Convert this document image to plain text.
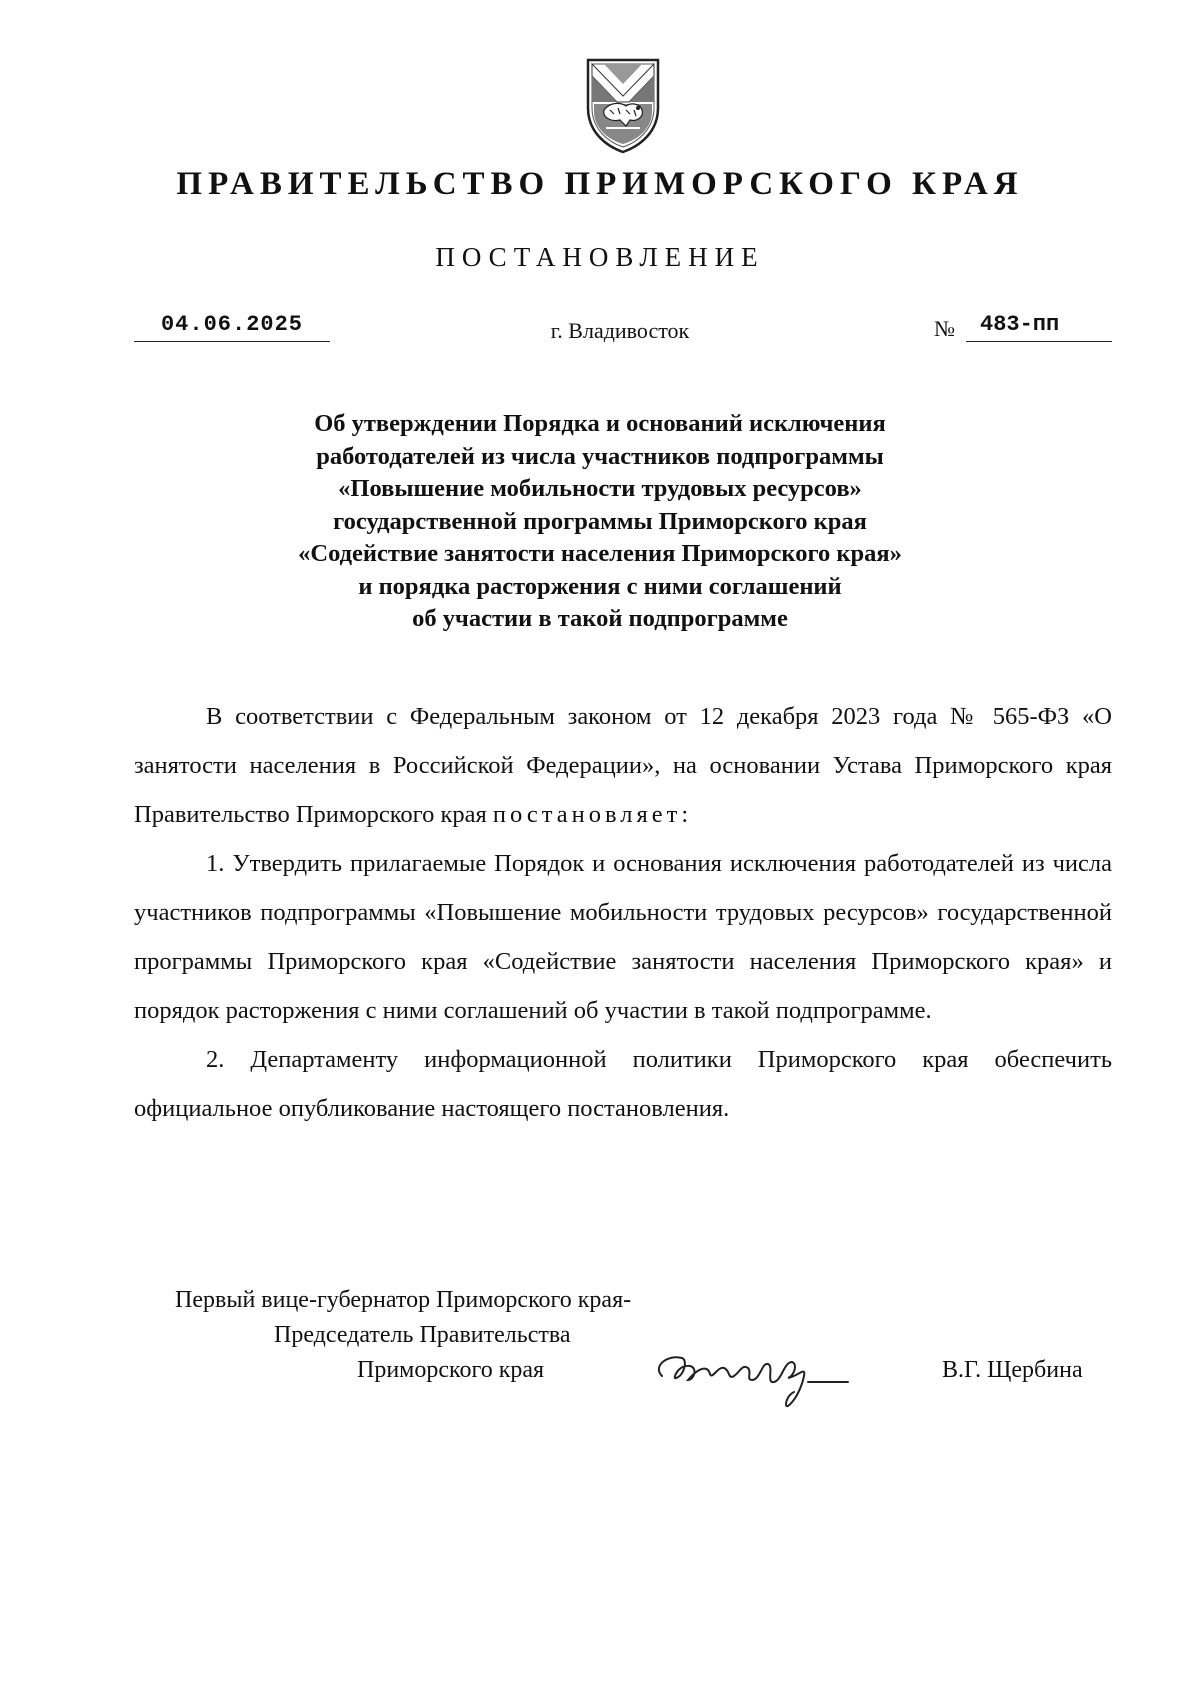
ПРАВИТЕЛЬСТВО ПРИМОРСКОГО КРАЯ
ПОСТАНОВЛЕНИЕ
04.06.2025	г. Владивосток	№	483-пп
Об утверждении Порядка и оснований исключения
работодателей из числа участников подпрограммы
«Повышение мобильности трудовых ресурсов»
государственной программы Приморского края
«Содействие занятости населения Приморского края»
и порядка расторжения с ними соглашений
об участии в такой подпрограмме

В соответствии с Федеральным законом от 12 декабря 2023 года № 565-ФЗ «О занятости населения в Российской Федерации», на основании Устава Приморского края Правительство Приморского края постановляет:

1. Утвердить прилагаемые Порядок и основания исключения работодателей из числа участников подпрограммы «Повышение мобильности трудовых ресурсов» государственной программы Приморского края «Содействие занятости населения Приморского края» и порядок расторжения с ними соглашений об участии в такой подпрограмме.

2. Департаменту информационной политики Приморского края обеспечить официальное опубликование настоящего постановления.

Первый вице-губернатор Приморского края-
Председатель Правительства
Приморского края	В.Г. Щербина
